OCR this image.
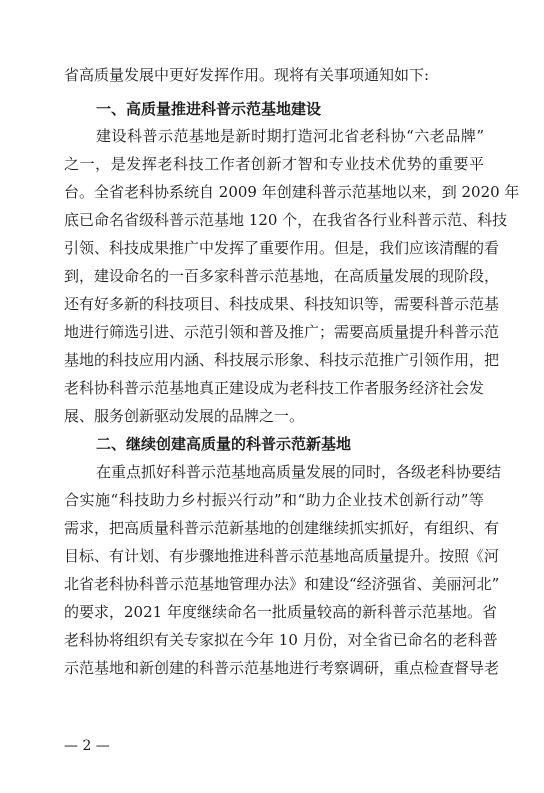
省高质量发展中更好发挥作用。现将有关事项通知如下:
一、高质量推进科普示范基地建设
建设科普示范基地是新时期打造河北省老科协“六老品牌”
之一，是发挥老科技工作者创新才智和专业技术优势的重要平
台。全省老科协系统自 2009 年创建科普示范基地以来，到 2020 年
底已命名省级科普示范基地 120 个，在我省各行业科普示范、科技
引领、科技成果推广中发挥了重要作用。但是，我们应该清醒的看
到，建设命名的一百多家科普示范基地，在高质量发展的现阶段，
还有好多新的科技项目、科技成果、科技知识等，需要科普示范基
地进行筛选引进、示范引领和普及推广；需要高质量提升科普示范
基地的科技应用内涵、科技展示形象、科技示范推广引领作用，把
老科协科普示范基地真正建设成为老科技工作者服务经济社会发
展、服务创新驱动发展的品牌之一。
二、继续创建高质量的科普示范新基地
在重点抓好科普示范基地高质量发展的同时，各级老科协要结
合实施“科技助力乡村振兴行动”和“助力企业技术创新行动”等
需求，把高质量科普示范新基地的创建继续抓实抓好，有组织、有
目标、有计划、有步骤地推进科普示范基地高质量提升。按照《河
北省老科协科普示范基地管理办法》和建设“经济强省、美丽河北”
的要求，2021 年度继续命名一批质量较高的新科普示范基地。省
老科协将组织有关专家拟在今年 10 月份，对全省已命名的老科普
示范基地和新创建的科普示范基地进行考察调研，重点检查督导老
— 2 —
